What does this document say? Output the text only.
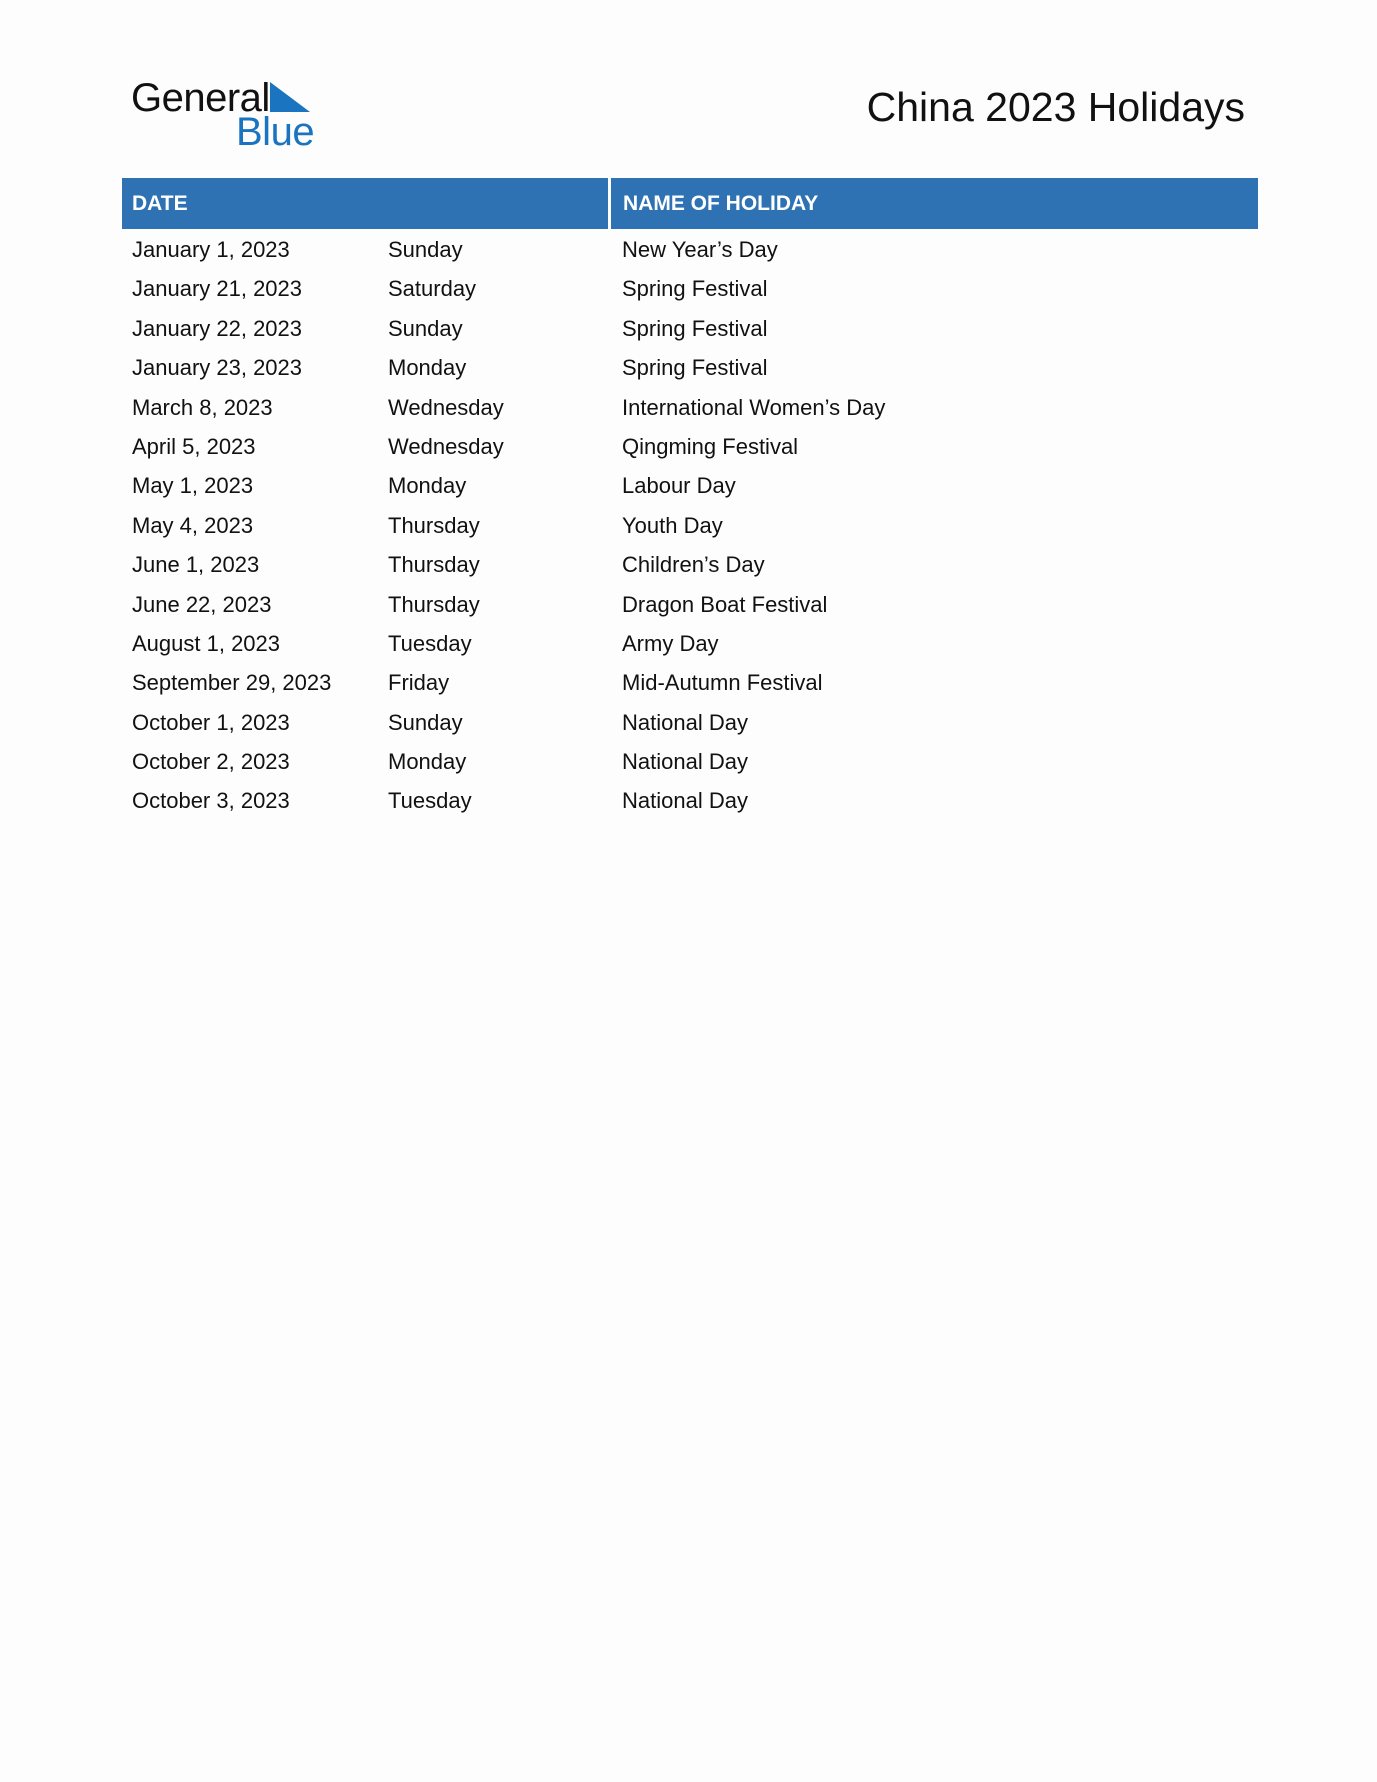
General
Blue
China 2023 Holidays
DATE	NAME OF HOLIDAY
January 1, 2023	Sunday	New Year’s Day
January 21, 2023	Saturday	Spring Festival
January 22, 2023	Sunday	Spring Festival
January 23, 2023	Monday	Spring Festival
March 8, 2023	Wednesday	International Women’s Day
April 5, 2023	Wednesday	Qingming Festival
May 1, 2023	Monday	Labour Day
May 4, 2023	Thursday	Youth Day
June 1, 2023	Thursday	Children’s Day
June 22, 2023	Thursday	Dragon Boat Festival
August 1, 2023	Tuesday	Army Day
September 29, 2023	Friday	Mid-Autumn Festival
October 1, 2023	Sunday	National Day
October 2, 2023	Monday	National Day
October 3, 2023	Tuesday	National Day
